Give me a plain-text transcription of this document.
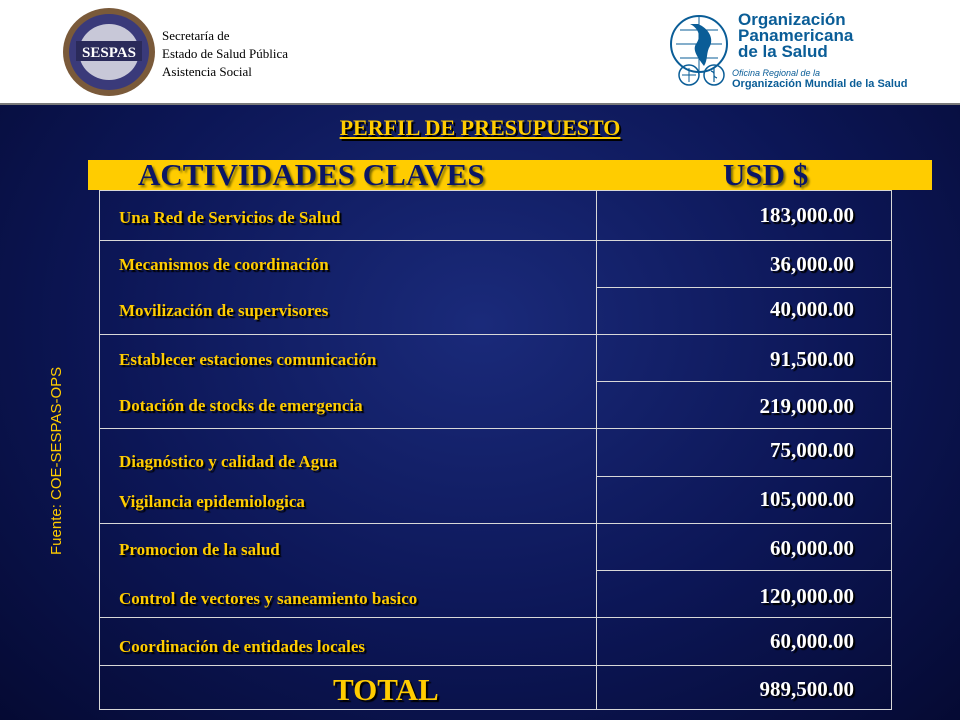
SESPAS
Secretaría de
Estado de Salud Pública
Asistencia Social
Organización
Panamericana
de la Salud
Oficina Regional de la
Organización Mundial de la Salud
PERFIL DE PRESUPUESTO
ACTIVIDADES CLAVES	USD $
Una Red de Servicios de Salud	183,000.00
Mecanismos de coordinación	36,000.00
Movilización de supervisores	40,000.00
Establecer estaciones comunicación	91,500.00
Dotación de stocks de emergencia	219,000.00
Diagnóstico y calidad de Agua	75,000.00
Vigilancia epidemiologica	105,000.00
Promocion de la salud	60,000.00
Control de vectores y saneamiento basico	120,000.00
Coordinación de entidades locales	60,000.00
TOTAL	989,500.00
Fuente: COE-SESPAS-OPS
